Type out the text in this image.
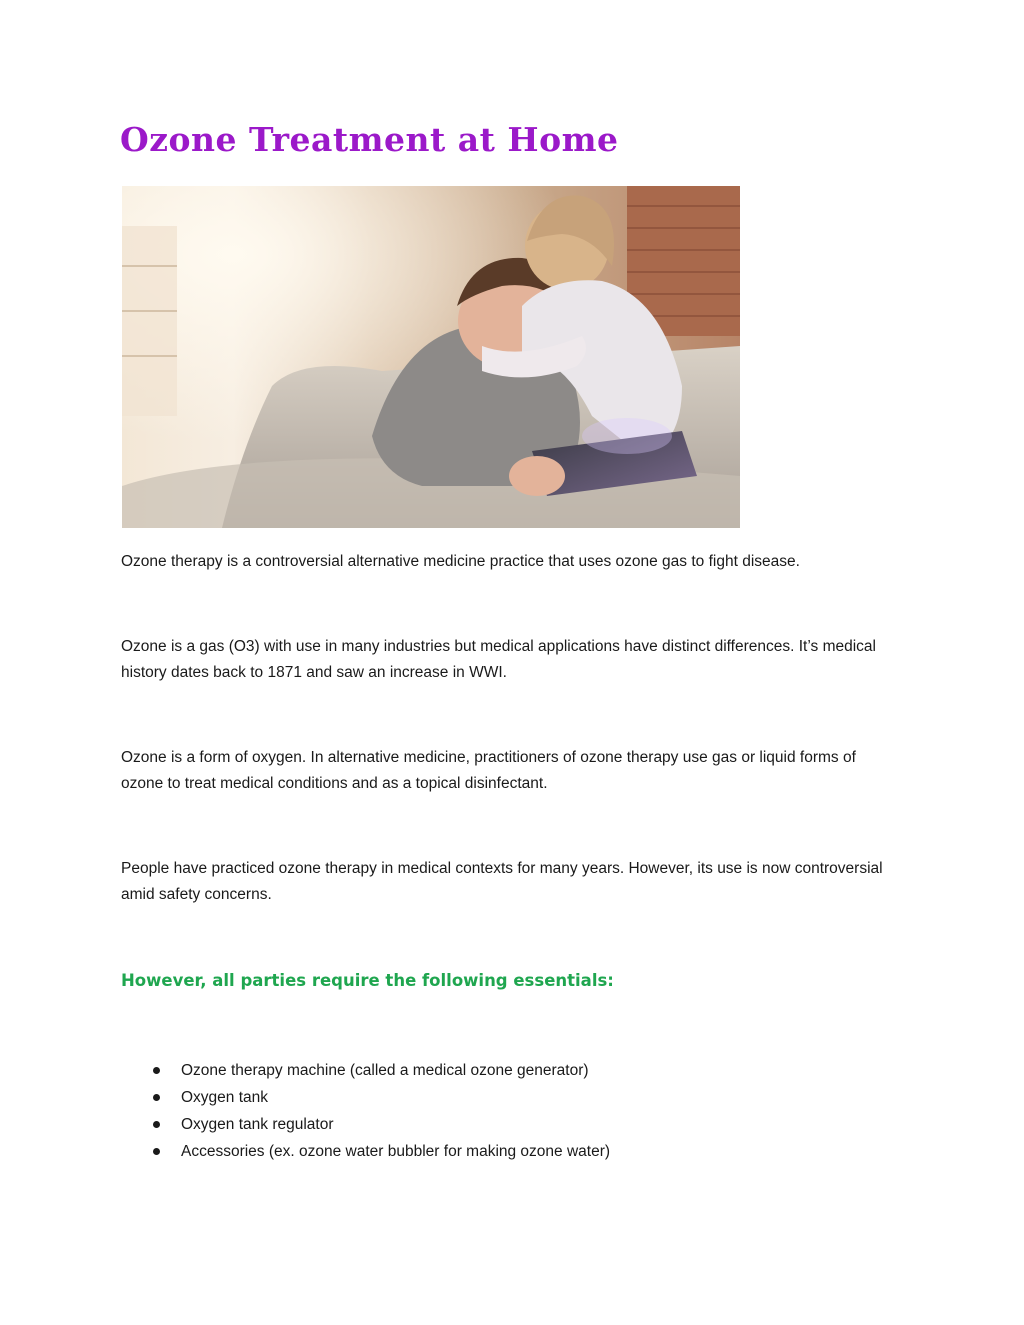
Ozone Treatment at Home

Ozone therapy is a controversial alternative medicine practice that uses ozone gas to fight disease.

Ozone is a gas (O3) with use in many industries but medical applications have distinct differences. It’s medical history dates back to 1871 and saw an increase in WWI.

Ozone is a form of oxygen. In alternative medicine, practitioners of ozone therapy use gas or liquid forms of ozone to treat medical conditions and as a topical disinfectant.

People have practiced ozone therapy in medical contexts for many years. However, its use is now controversial amid safety concerns.

However, all parties require the following essentials:
Ozone therapy machine (called a medical ozone generator)
Oxygen tank
Oxygen tank regulator
Accessories (ex. ozone water bubbler for making ozone water)
